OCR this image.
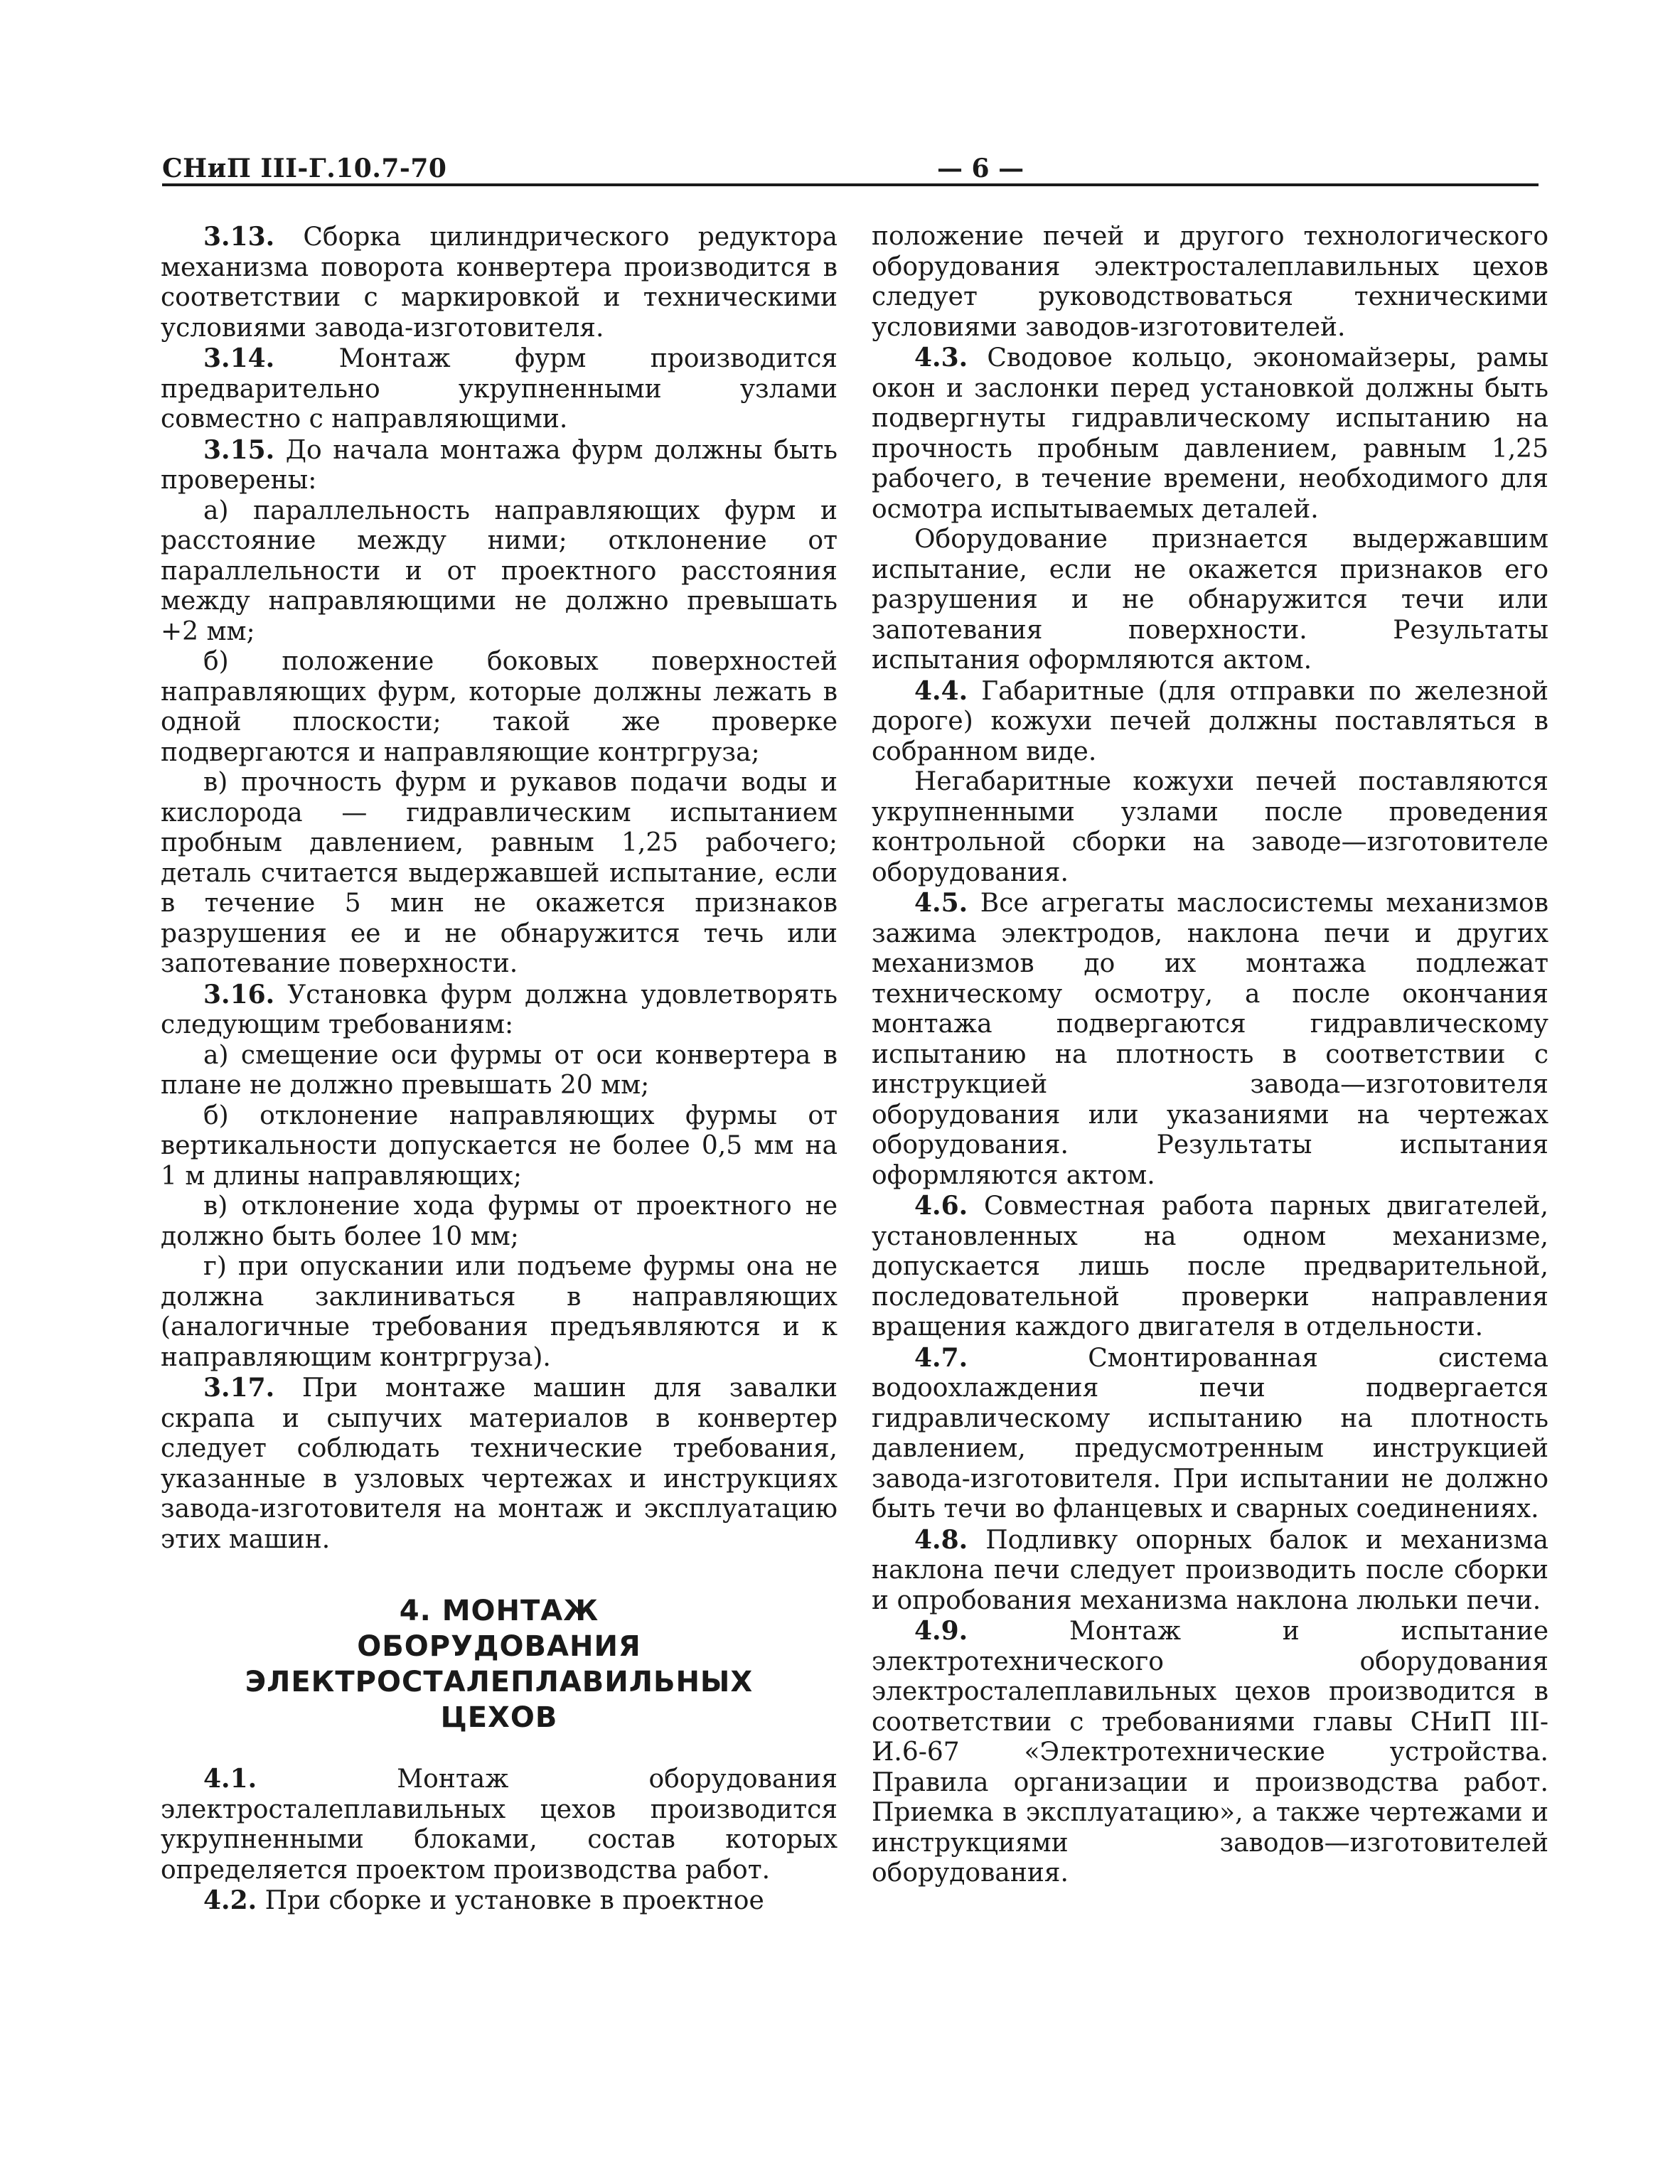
СНиП III-Г.10.7-70	— 6 —

3.13. Сборка цилиндрического редуктора механизма поворота конвертера производится в соответствии с маркировкой и техническими условиями завода-изготовителя.

3.14. Монтаж фурм производится предварительно укрупненными узлами совместно с направляющими.

3.15. До начала монтажа фурм должны быть проверены:

а) параллельность направляющих фурм и расстояние между ними; отклонение от параллельности и от проектного расстояния между направляющими не должно превышать +2 мм;

б) положение боковых поверхностей направляющих фурм, которые должны лежать в одной плоскости; такой же проверке подвергаются и направляющие контргруза;

в) прочность фурм и рукавов подачи воды и кислорода — гидравлическим испытанием пробным давлением, равным 1,25 рабочего; деталь считается выдержавшей испытание, если в течение 5 мин не окажется признаков разрушения ее и не обнаружится течь или запотевание поверхности.

3.16. Установка фурм должна удовлетворять следующим требованиям:

а) смещение оси фурмы от оси конвертера в плане не должно превышать 20 мм;

б) отклонение направляющих фурмы от вертикальности допускается не более 0,5 мм на 1 м длины направляющих;

в) отклонение хода фурмы от проектного не должно быть более 10 мм;

г) при опускании или подъеме фурмы она не должна заклиниваться в направляющих (аналогичные требования предъявляются и к направляющим контргруза).

3.17. При монтаже машин для завалки скрапа и сыпучих материалов в конвертер следует соблюдать технические требования, указанные в узловых чертежах и инструкциях завода-изготовителя на монтаж и эксплуатацию этих машин.

4. МОНТАЖ
ОБОРУДОВАНИЯ
ЭЛЕКТРОСТАЛЕПЛАВИЛЬНЫХ
ЦЕХОВ

4.1. Монтаж оборудования электросталеплавильных цехов производится укрупненными блоками, состав которых определяется проектом производства работ.

4.2. При сборке и установке в проектное

положение печей и другого технологического оборудования электросталеплавильных цехов следует руководствоваться техническими условиями заводов-изготовителей.

4.3. Сводовое кольцо, экономайзеры, рамы окон и заслонки перед установкой должны быть подвергнуты гидравлическому испытанию на прочность пробным давлением, равным 1,25 рабочего, в течение времени, необходимого для осмотра испытываемых деталей.

Оборудование признается выдержавшим испытание, если не окажется признаков его разрушения и не обнаружится течи или запотевания поверхности. Результаты испытания оформляются актом.

4.4. Габаритные (для отправки по железной дороге) кожухи печей должны поставляться в собранном виде.

Негабаритные кожухи печей поставляются укрупненными узлами после проведения контрольной сборки на заводе—изготовителе оборудования.

4.5. Все агрегаты маслосистемы механизмов зажима электродов, наклона печи и других механизмов до их монтажа подлежат техническому осмотру, а после окончания монтажа подвергаются гидравлическому испытанию на плотность в соответствии с инструкцией завода—изготовителя оборудования или указаниями на чертежах оборудования. Результаты испытания оформляются актом.

4.6. Совместная работа парных двигателей, установленных на одном механизме, допускается лишь после предварительной, последовательной проверки направления вращения каждого двигателя в отдельности.

4.7. Смонтированная система водоохлаждения печи подвергается гидравлическому испытанию на плотность давлением, предусмотренным инструкцией завода-изготовителя. При испытании не должно быть течи во фланцевых и сварных соединениях.

4.8. Подливку опорных балок и механизма наклона печи следует производить после сборки и опробования механизма наклона люльки печи.

4.9. Монтаж и испытание электротехнического оборудования электросталеплавильных цехов производится в соответствии с требованиями главы СНиП III-И.6-67 «Электротехнические устройства. Правила организации и производства работ. Приемка в эксплуатацию», а также чертежами и инструкциями заводов—изготовителей оборудования.
